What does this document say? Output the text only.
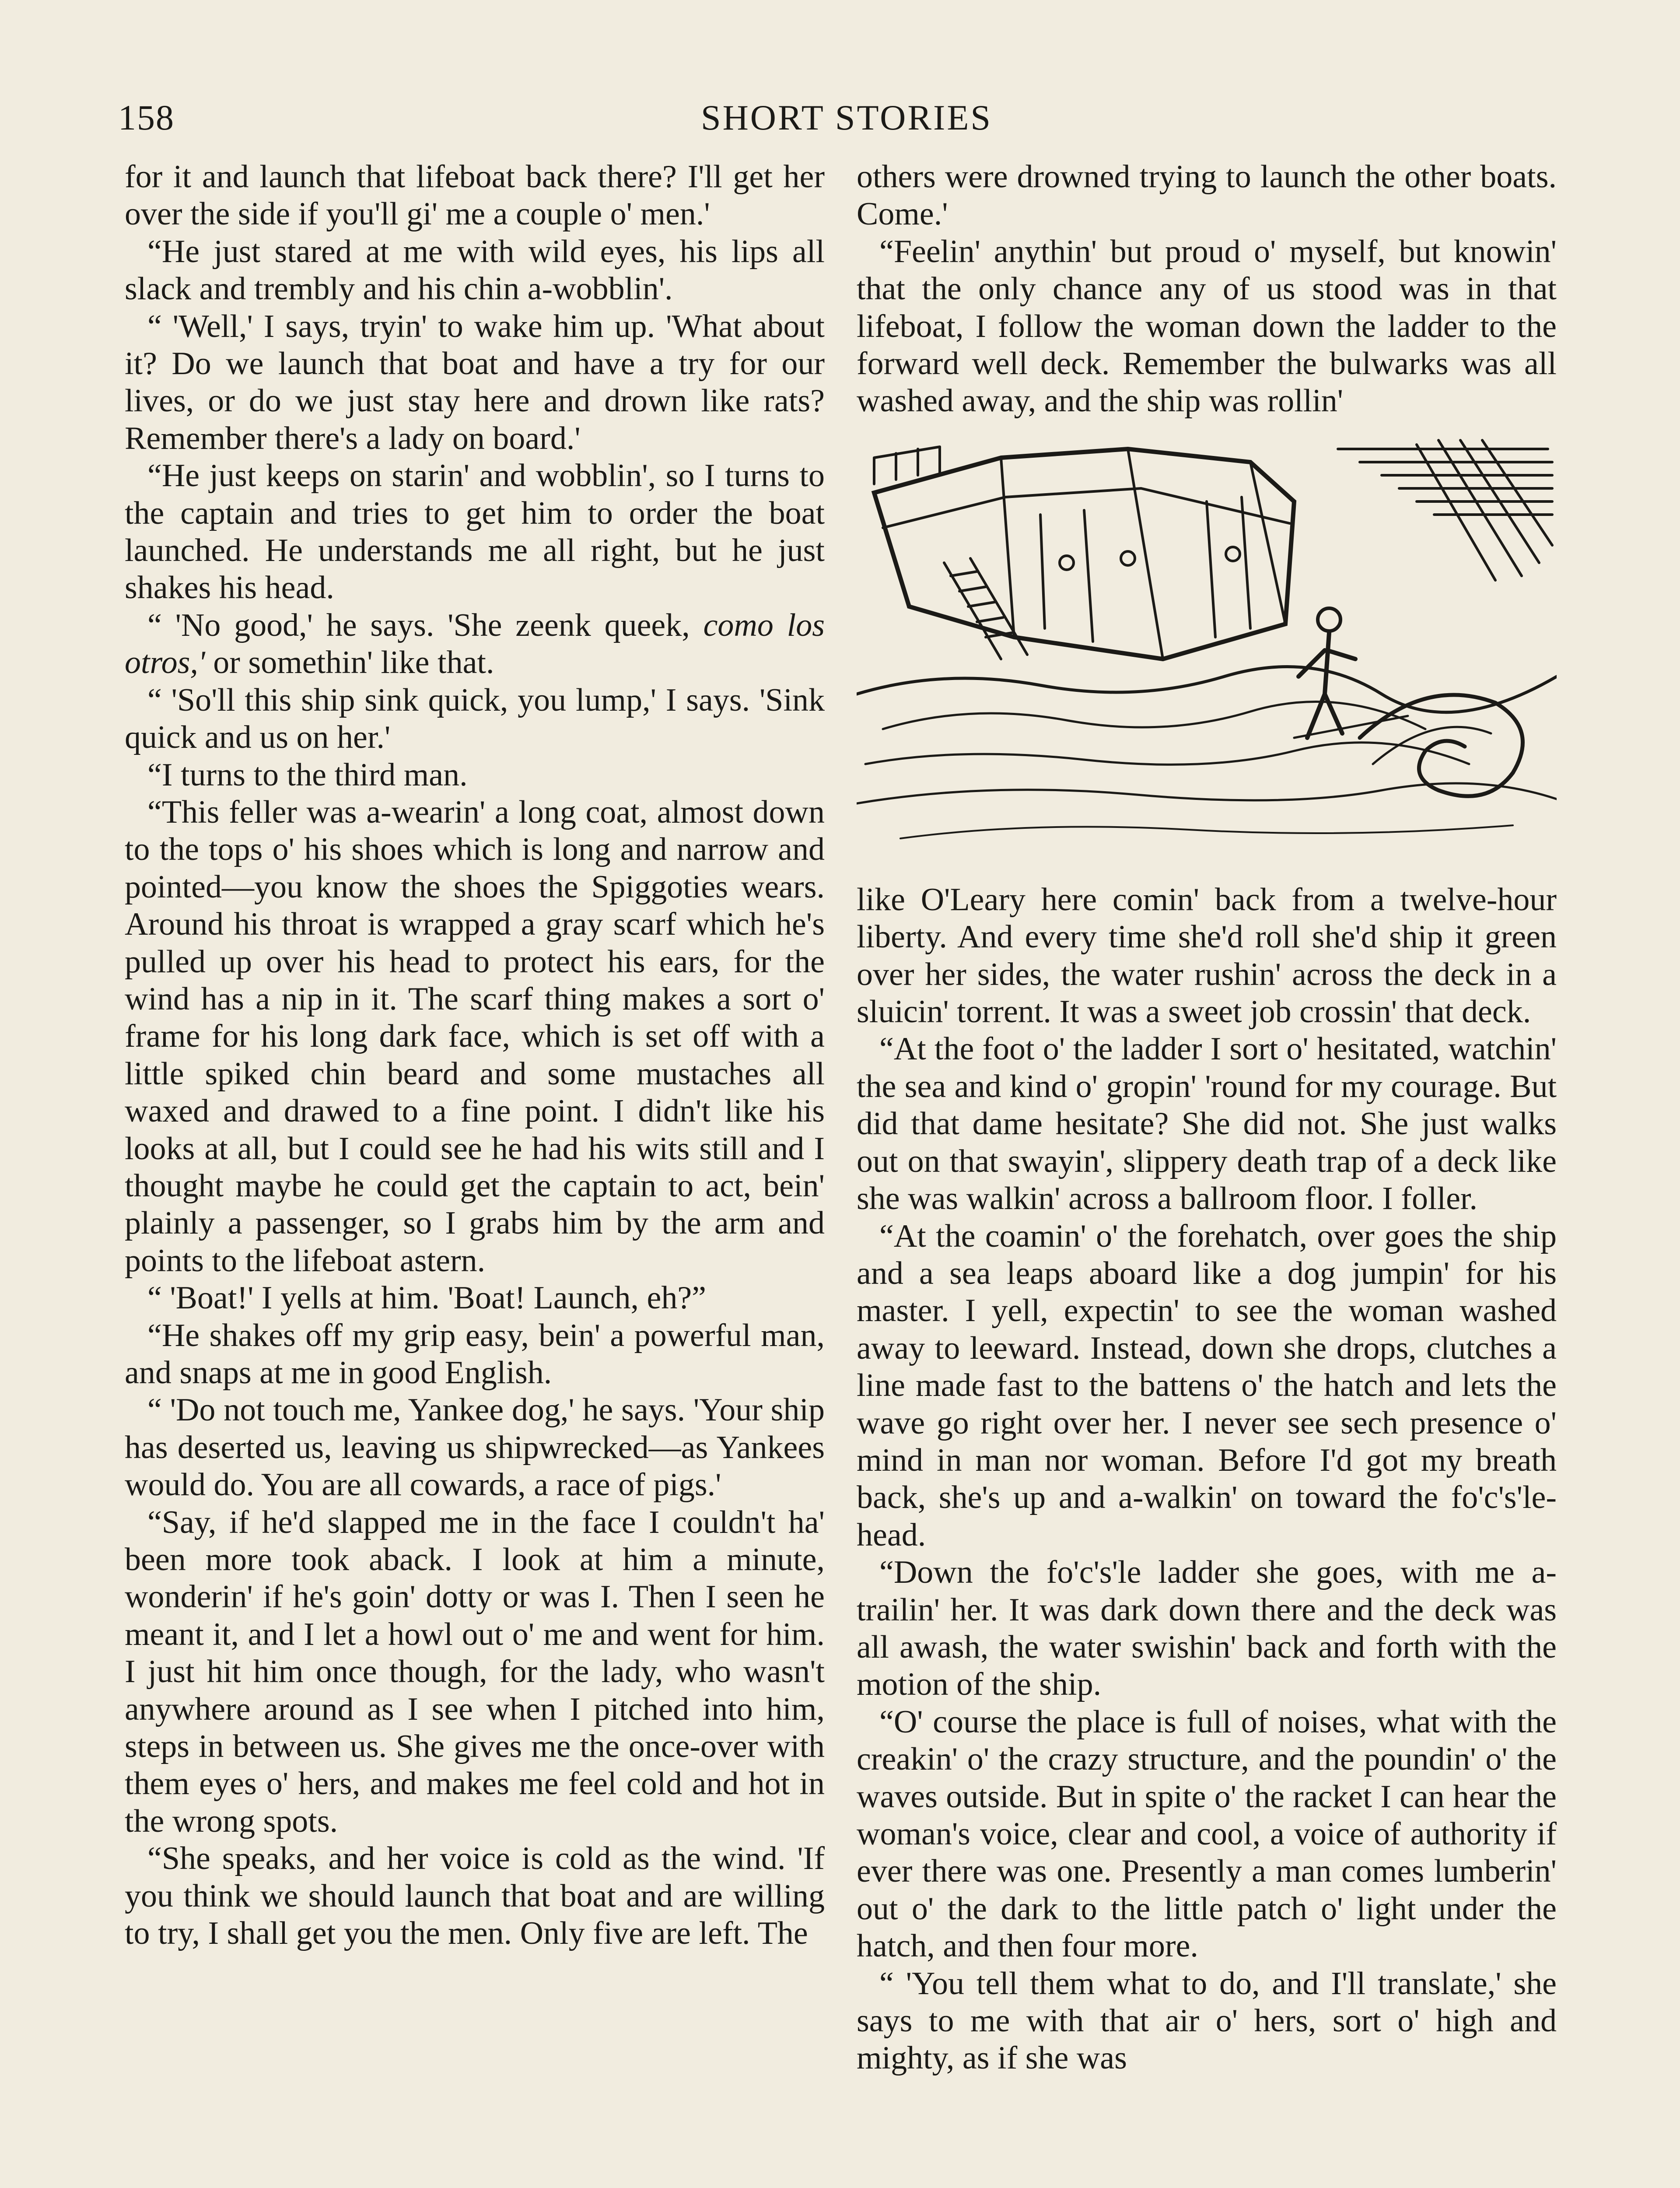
158	SHORT STORIES

for it and launch that lifeboat back there? I'll get her over the side if you'll gi' me a couple o' men.'

“He just stared at me with wild eyes, his lips all slack and trembly and his chin a-wobblin'.

“ 'Well,' I says, tryin' to wake him up. 'What about it? Do we launch that boat and have a try for our lives, or do we just stay here and drown like rats? Remember there's a lady on board.'

“He just keeps on starin' and wobblin', so I turns to the captain and tries to get him to order the boat launched. He understands me all right, but he just shakes his head.

“ 'No good,' he says. 'She zeenk queek, como los otros,' or somethin' like that.

“ 'So'll this ship sink quick, you lump,' I says. 'Sink quick and us on her.'

“I turns to the third man.

“This feller was a-wearin' a long coat, almost down to the tops o' his shoes which is long and narrow and pointed—you know the shoes the Spiggoties wears. Around his throat is wrapped a gray scarf which he's pulled up over his head to protect his ears, for the wind has a nip in it. The scarf thing makes a sort o' frame for his long dark face, which is set off with a little spiked chin beard and some mustaches all waxed and drawed to a fine point. I didn't like his looks at all, but I could see he had his wits still and I thought maybe he could get the captain to act, bein' plainly a passenger, so I grabs him by the arm and points to the lifeboat astern.

“ 'Boat!' I yells at him. 'Boat! Launch, eh?”

“He shakes off my grip easy, bein' a powerful man, and snaps at me in good English.

“ 'Do not touch me, Yankee dog,' he says. 'Your ship has deserted us, leaving us shipwrecked—as Yankees would do. You are all cowards, a race of pigs.'

“Say, if he'd slapped me in the face I couldn't ha' been more took aback. I look at him a minute, wonderin' if he's goin' dotty or was I. Then I seen he meant it, and I let a howl out o' me and went for him. I just hit him once though, for the lady, who wasn't anywhere around as I see when I pitched into him, steps in between us. She gives me the once-over with them eyes o' hers, and makes me feel cold and hot in the wrong spots.

“She speaks, and her voice is cold as the wind. 'If you think we should launch that boat and are willing to try, I shall get you the men. Only five are left. The

others were drowned trying to launch the other boats. Come.'

“Feelin' anythin' but proud o' myself, but knowin' that the only chance any of us stood was in that lifeboat, I follow the woman down the ladder to the forward well deck. Remember the bulwarks was all washed away, and the ship was rollin'

like O'Leary here comin' back from a twelve-hour liberty. And every time she'd roll she'd ship it green over her sides, the water rushin' across the deck in a sluicin' torrent. It was a sweet job crossin' that deck.

“At the foot o' the ladder I sort o' hesitated, watchin' the sea and kind o' gropin' 'round for my courage. But did that dame hesitate? She did not. She just walks out on that swayin', slippery death trap of a deck like she was walkin' across a ballroom floor. I foller.

“At the coamin' o' the forehatch, over goes the ship and a sea leaps aboard like a dog jumpin' for his master. I yell, expectin' to see the woman washed away to leeward. Instead, down she drops, clutches a line made fast to the battens o' the hatch and lets the wave go right over her. I never see sech presence o' mind in man nor woman. Before I'd got my breath back, she's up and a-walkin' on toward the fo'c's'le-head.

“Down the fo'c's'le ladder she goes, with me a-trailin' her. It was dark down there and the deck was all awash, the water swishin' back and forth with the motion of the ship.

“O' course the place is full of noises, what with the creakin' o' the crazy structure, and the poundin' o' the waves outside. But in spite o' the racket I can hear the woman's voice, clear and cool, a voice of authority if ever there was one. Presently a man comes lumberin' out o' the dark to the little patch o' light under the hatch, and then four more.

“ 'You tell them what to do, and I'll translate,' she says to me with that air o' hers, sort o' high and mighty, as if she was
